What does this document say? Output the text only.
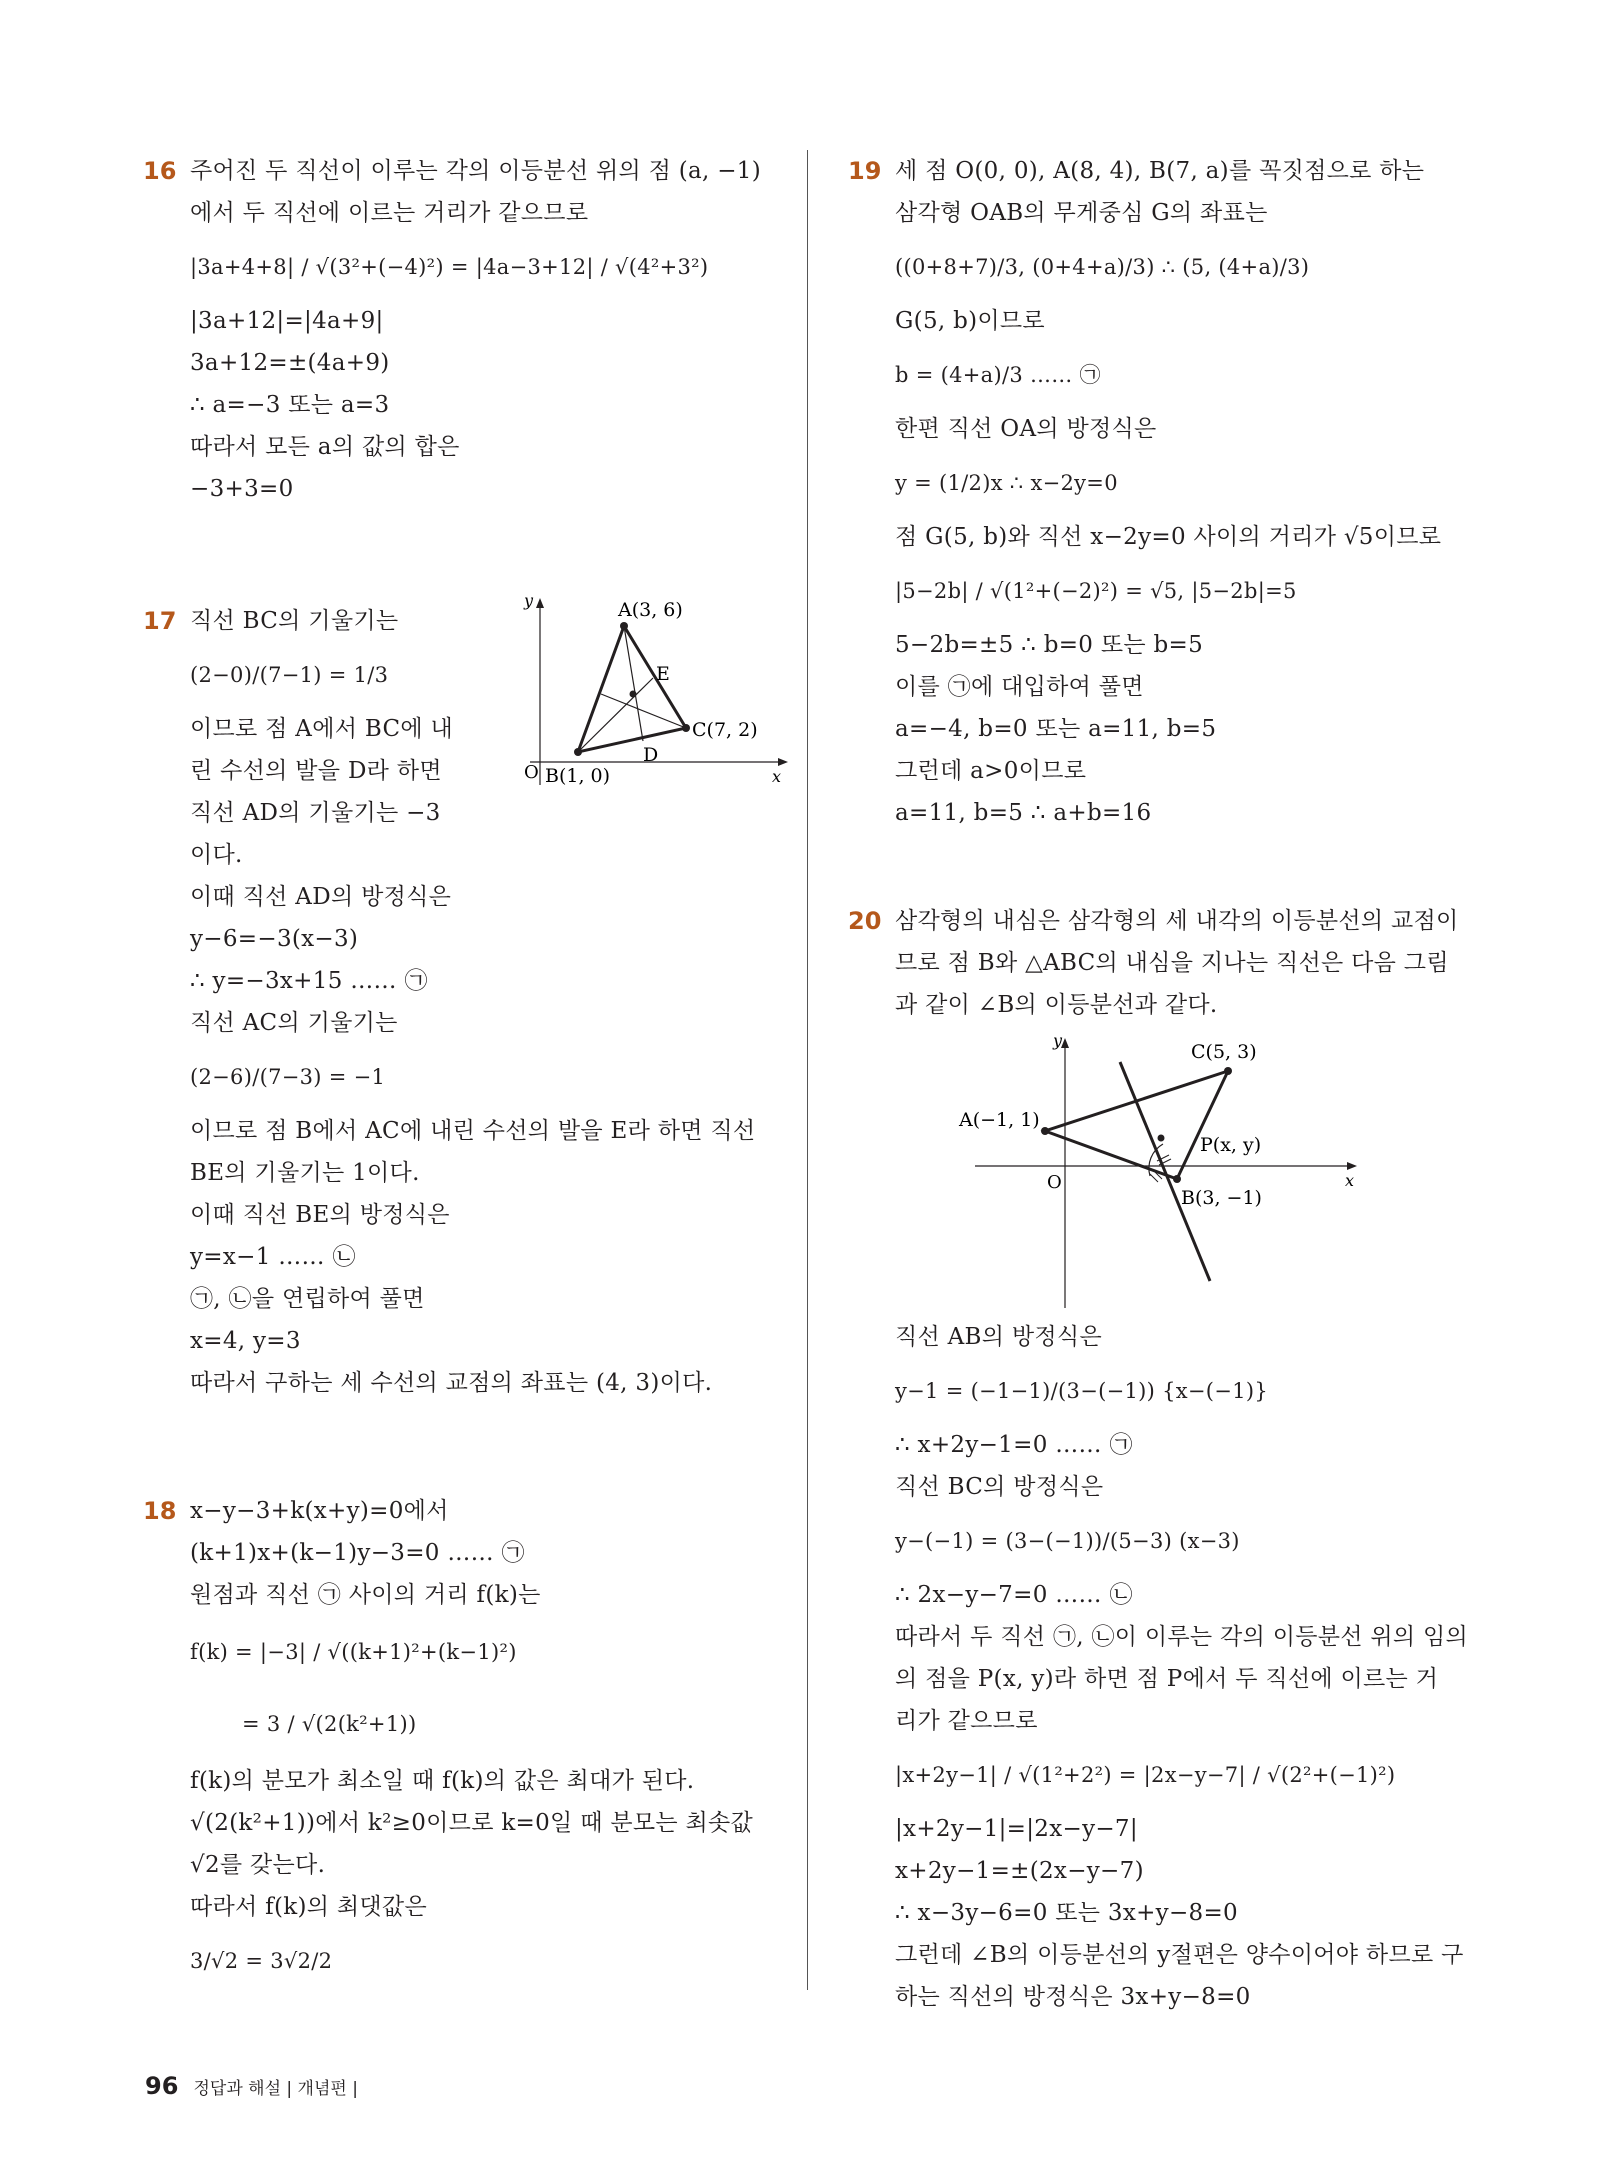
16 주어진 두 직선이 이루는 각의 이등분선 위의 점 (a, −1)
에서 두 직선에 이르는 거리가 같으므로
|3a+4+8| / √(3²+(−4)²) = |4a−3+12| / √(4²+3²)
|3a+12|=|4a+9|
3a+12=±(4a+9)
∴ a=−3 또는 a=3
따라서 모든 a의 값의 합은
−3+3=0
17 직선 BC의 기울기는
(2−0)/(7−1) = 1/3
이므로 점 A에서 BC에 내
린 수선의 발을 D라 하면
직선 AD의 기울기는 −3
이다.
이때 직선 AD의 방정식은
y−6=−3(x−3)
∴ y=−3x+15 …… ㉠
직선 AC의 기울기는
(2−6)/(7−3) = −1
이므로 점 B에서 AC에 내린 수선의 발을 E라 하면 직선
BE의 기울기는 1이다.
이때 직선 BE의 방정식은
y=x−1 …… ㉡
㉠, ㉡을 연립하여 풀면
x=4, y=3
따라서 구하는 세 수선의 교점의 좌표는 (4, 3)이다.
y
x
O
A(3, 6)
B(1, 0)
C(7, 2)
D
E
18 x−y−3+k(x+y)=0에서
(k+1)x+(k−1)y−3=0 …… ㉠
원점과 직선 ㉠ 사이의 거리 f(k)는
f(k) = |−3| / √((k+1)²+(k−1)²)
= 3 / √(2(k²+1))
f(k)의 분모가 최소일 때 f(k)의 값은 최대가 된다.
√(2(k²+1))에서 k²≥0이므로 k=0일 때 분모는 최솟값
√2를 갖는다.
따라서 f(k)의 최댓값은
3/√2 = 3√2/2
19 세 점 O(0, 0), A(8, 4), B(7, a)를 꼭짓점으로 하는
삼각형 OAB의 무게중심 G의 좌표는
((0+8+7)/3, (0+4+a)/3) ∴ (5, (4+a)/3)
G(5, b)이므로
b = (4+a)/3 …… ㉠
한편 직선 OA의 방정식은
y = (1/2)x ∴ x−2y=0
점 G(5, b)와 직선 x−2y=0 사이의 거리가 √5이므로
|5−2b| / √(1²+(−2)²) = √5, |5−2b|=5
5−2b=±5 ∴ b=0 또는 b=5
이를 ㉠에 대입하여 풀면
a=−4, b=0 또는 a=11, b=5
그런데 a>0이므로
a=11, b=5 ∴ a+b=16
20 삼각형의 내심은 삼각형의 세 내각의 이등분선의 교점이
므로 점 B와 △ABC의 내심을 지나는 직선은 다음 그림
과 같이 ∠B의 이등분선과 같다.
y
x
O
A(−1, 1)
B(3, −1)
C(5, 3)
P(x, y)
직선 AB의 방정식은
y−1 = (−1−1)/(3−(−1)) {x−(−1)}
∴ x+2y−1=0 …… ㉠
직선 BC의 방정식은
y−(−1) = (3−(−1))/(5−3) (x−3)
∴ 2x−y−7=0 …… ㉡
따라서 두 직선 ㉠, ㉡이 이루는 각의 이등분선 위의 임의
의 점을 P(x, y)라 하면 점 P에서 두 직선에 이르는 거
리가 같으므로
|x+2y−1| / √(1²+2²) = |2x−y−7| / √(2²+(−1)²)
|x+2y−1|=|2x−y−7|
x+2y−1=±(2x−y−7)
∴ x−3y−6=0 또는 3x+y−8=0
그런데 ∠B의 이등분선의 y절편은 양수이어야 하므로 구
하는 직선의 방정식은 3x+y−8=0
96 정답과 해설 | 개념편 |
